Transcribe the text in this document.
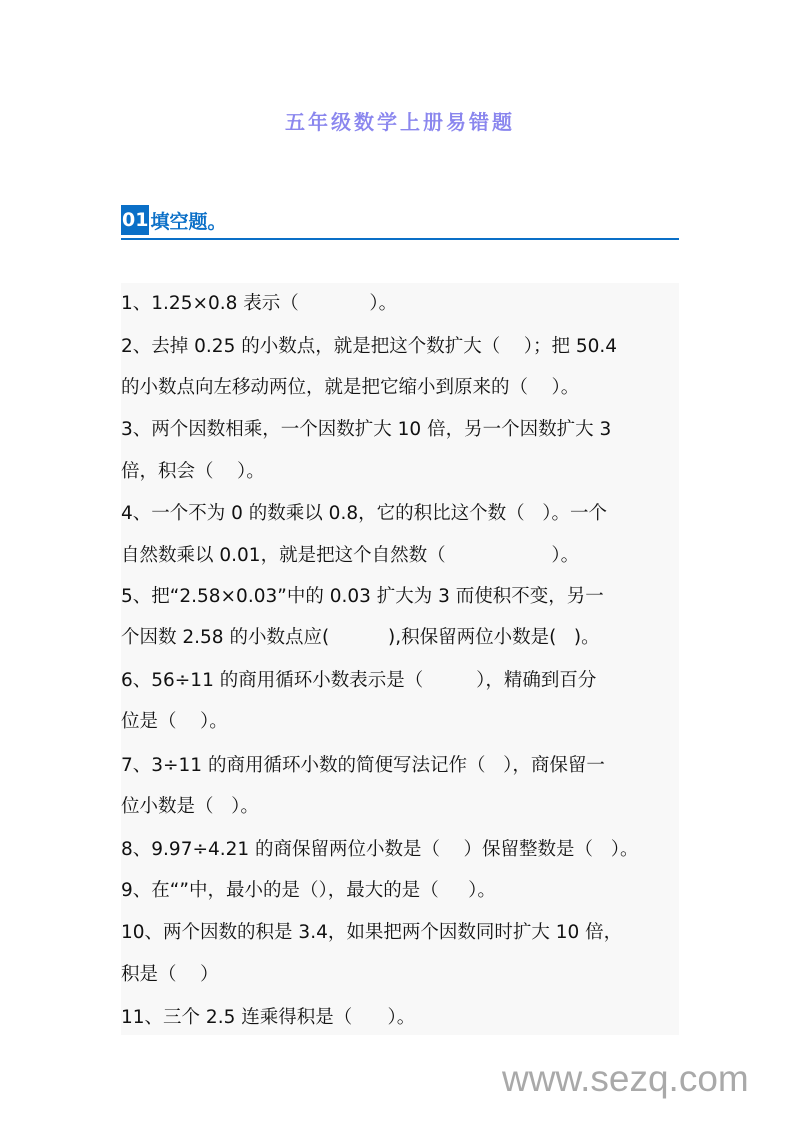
五年级数学上册易错题
01 填空题。
1、1.25×0.8 表示（            ）。
2、去掉 0.25 的小数点，就是把这个数扩大（    ）；把 50.4
的小数点向左移动两位，就是把它缩小到原来的（    ）。
3、两个因数相乘，一个因数扩大 10 倍，另一个因数扩大 3
倍，积会（    ）。
4、一个不为 0 的数乘以 0.8，它的积比这个数（   ）。一个
自然数乘以 0.01，就是把这个自然数（                  ）。
5、把“2.58×0.03”中的 0.03 扩大为 3 而使积不变，另一
个因数 2.58 的小数点应(          ),积保留两位小数是(   )。
6、56÷11 的商用循环小数表示是（         ），精确到百分
位是（    ）。
7、3÷11 的商用循环小数的简便写法记作（   ），商保留一
位小数是（   ）。
8、9.97÷4.21 的商保留两位小数是（    ）保留整数是（   ）。
9、在“”中，最小的是（），最大的是（     ）。
10、两个因数的积是 3.4，如果把两个因数同时扩大 10 倍，
积是（    ）
11、三个 2.5 连乘得积是（      ）。
www.sezq.com
